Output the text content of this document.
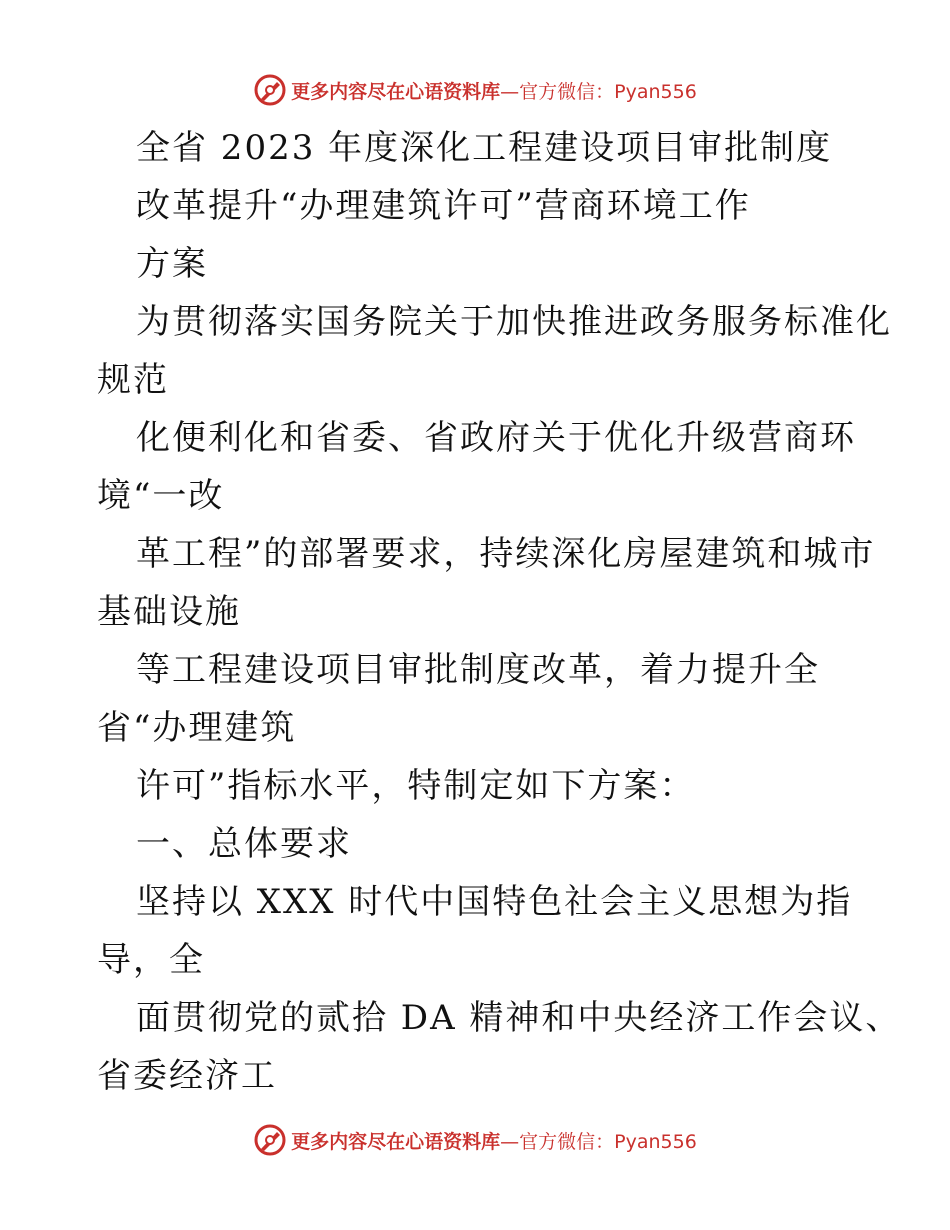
更多内容尽在心语资料库 —官方微信：Pyan556
全省 2023 年度深化工程建设项目审批制度
改革提升“办理建筑许可”营商环境工作
方案
为贯彻落实国务院关于加快推进政务服务标准化
规范
化便利化和省委、省政府关于优化升级营商环
境“一改
革工程”的部署要求，持续深化房屋建筑和城市
基础设施
等工程建设项目审批制度改革，着力提升全
省“办理建筑
许可”指标水平，特制定如下方案：
一、总体要求
坚持以 XXX 时代中国特色社会主义思想为指
导，全
面贯彻党的贰拾 DA 精神和中央经济工作会议、
省委经济工
更多内容尽在心语资料库 —官方微信：Pyan556
